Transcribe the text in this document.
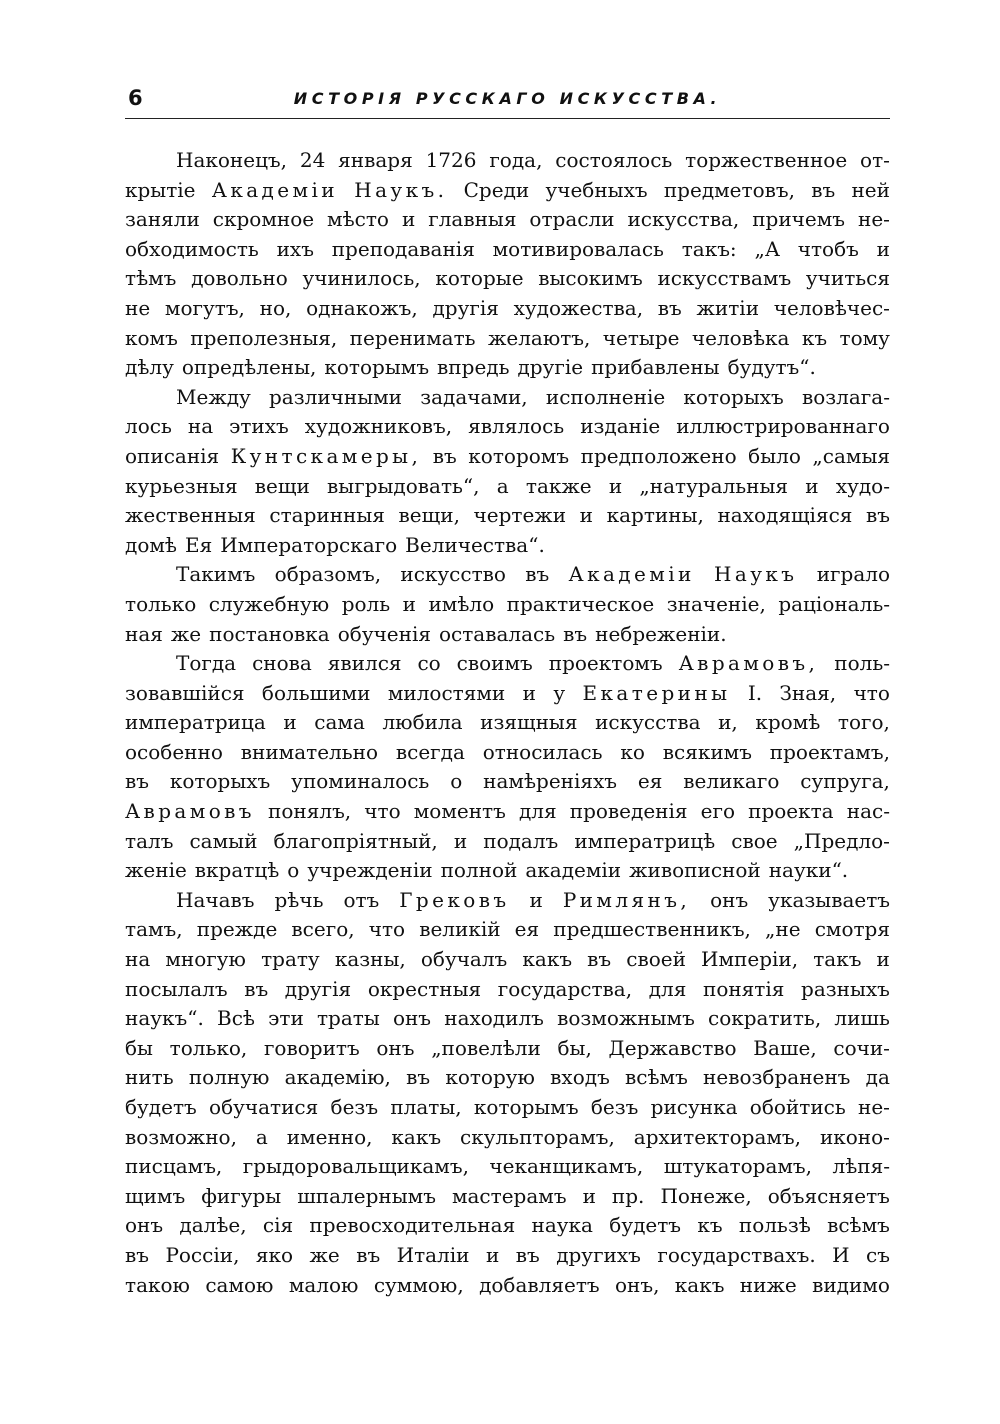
6	ИСТОРІЯ РУССКАГО ИСКУССТВА.
Наконецъ, 24 января 1726 года, состоялось торжественное от-
крытіе Академіи Наукъ. Среди учебныхъ предметовъ, въ ней
заняли скромное мѣсто и главныя отрасли искусства, причемъ не-
обходимость ихъ преподаванія мотивировалась такъ: „А чтобъ и
тѣмъ довольно учинилось, которые высокимъ искусствамъ учиться
не могутъ, но, однакожъ, другія художества, въ житіи человѣчес-
комъ преполезныя, перенимать желаютъ, четыре человѣка къ тому
дѣлу опредѣлены, которымъ впредь другіе прибавлены будутъ“.
Между различными задачами, исполненіе которыхъ возлага-
лось на этихъ художниковъ, являлось изданіе иллюстрированнаго
описанія Кунтскамеры, въ которомъ предположено было „самыя
курьезныя вещи выгрыдовать“, а также и „натуральныя и худо-
жественныя старинныя вещи, чертежи и картины, находящіяся въ
домѣ Ея Императорскаго Величества“.
Такимъ образомъ, искусство въ Академіи Наукъ играло
только служебную роль и имѣло практическое значеніе, раціональ-
ная же постановка обученія оставалась въ небреженіи.
Тогда снова явился со своимъ проектомъ Аврамовъ, поль-
зовавшійся большими милостями и у Екатерины I. Зная, что
императрица и сама любила изящныя искусства и, кромѣ того,
особенно внимательно всегда относилась ко всякимъ проектамъ,
въ которыхъ упоминалось о намѣреніяхъ ея великаго супруга,
Аврамовъ понялъ, что моментъ для проведенія его проекта нас-
талъ самый благопріятный, и подалъ императрицѣ свое „Предло-
женіе вкратцѣ о учрежденіи полной академіи живописной науки“.
Начавъ рѣчь отъ Грековъ и Римлянъ, онъ указываетъ
тамъ, прежде всего, что великій ея предшественникъ, „не смотря
на многую трату казны, обучалъ какъ въ своей Имперіи, такъ и
посылалъ въ другія окрестныя государства, для понятія разныхъ
наукъ“. Всѣ эти траты онъ находилъ возможнымъ сократить, лишь
бы только, говоритъ онъ „повелѣли бы, Державство Ваше, сочи-
нить полную академію, въ которую входъ всѣмъ невозбраненъ да
будетъ обучатися безъ платы, которымъ безъ рисунка обойтись не-
возможно, а именно, какъ скульпторамъ, архитекторамъ, иконо-
писцамъ, грыдоровальщикамъ, чеканщикамъ, штукаторамъ, лѣпя-
щимъ фигуры шпалернымъ мастерамъ и пр. Понеже, объясняетъ
онъ далѣе, сія превосходительная наука будетъ къ пользѣ всѣмъ
въ Россіи, яко же въ Италіи и въ другихъ государствахъ. И съ
такою самою малою суммою, добавляетъ онъ, какъ ниже видимо
